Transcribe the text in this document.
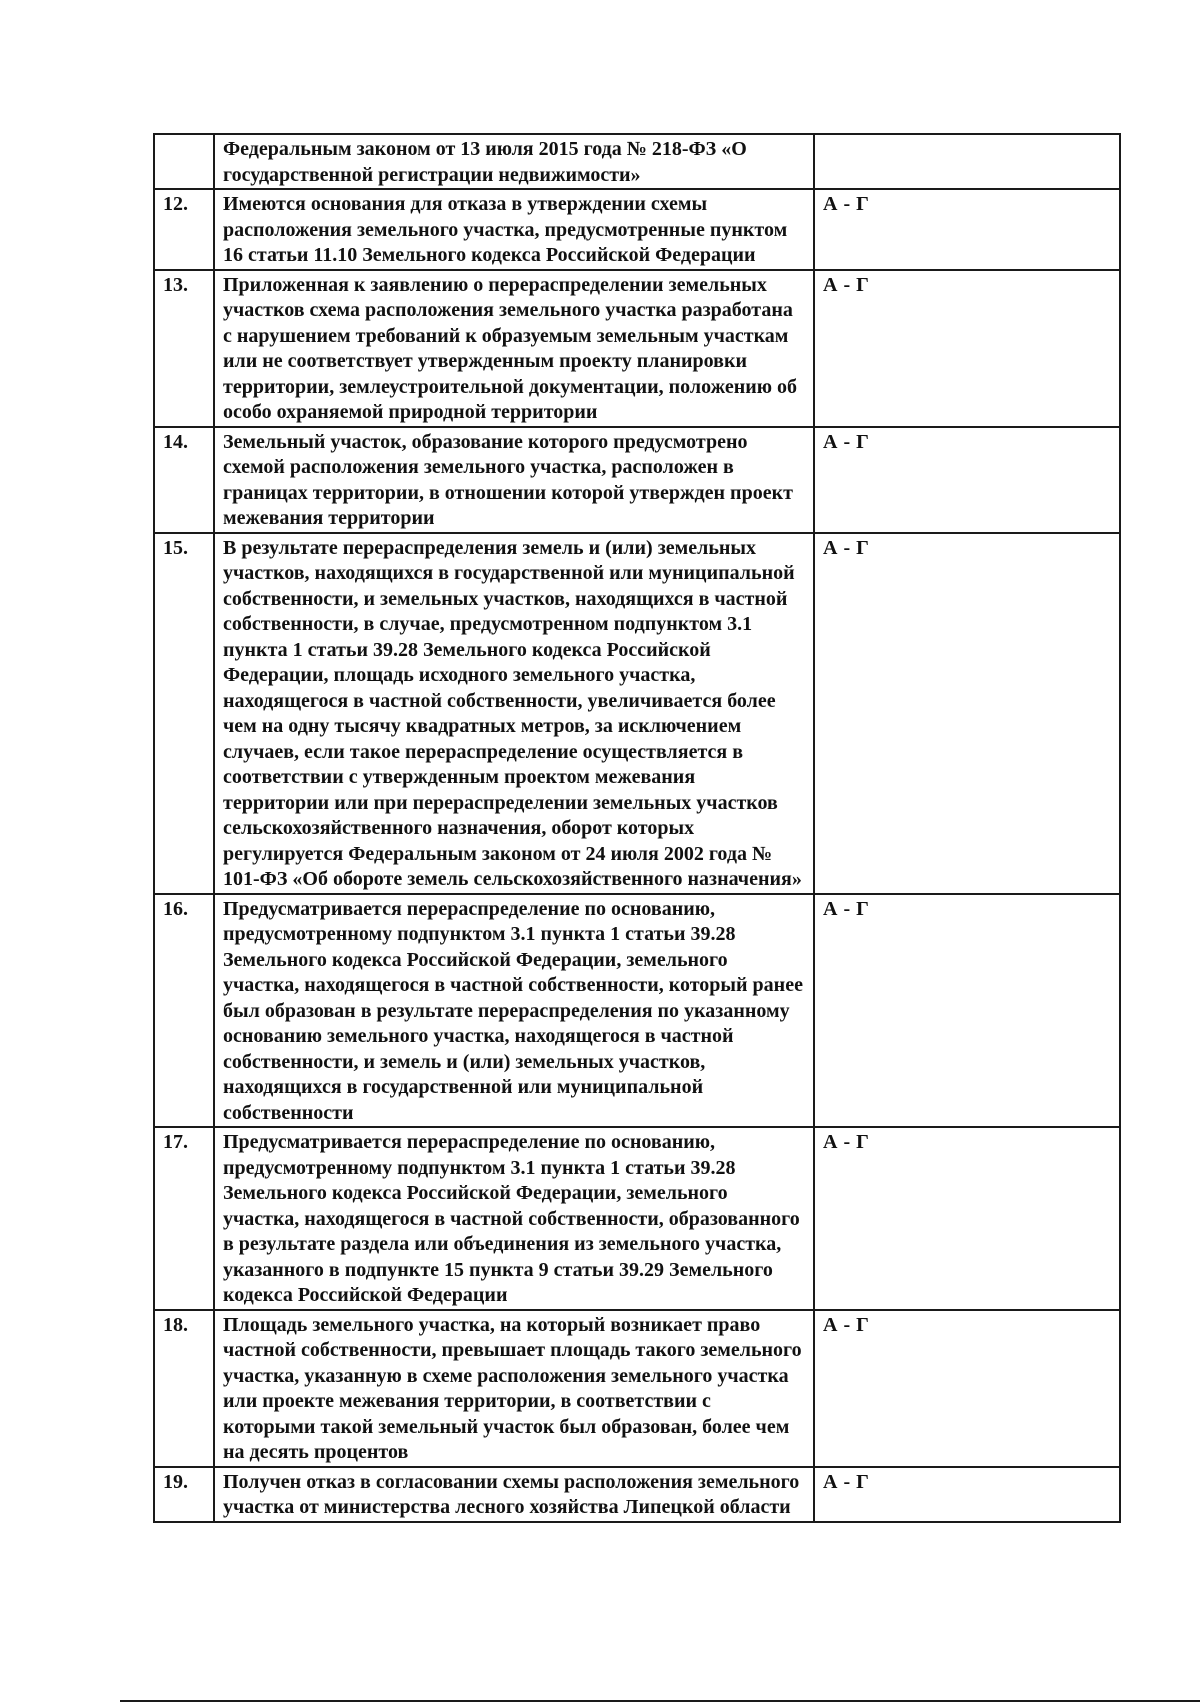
	Федеральным законом от 13 июля 2015 года № 218-ФЗ «О государственной регистрации недвижимости»	
12.	Имеются основания для отказа в утверждении схемы расположения земельного участка, предусмотренные пунктом 16 статьи 11.10 Земельного кодекса Российской Федерации	А - Г
13.	Приложенная к заявлению о перераспределении земельных участков схема расположения земельного участка разработана с нарушением требований к образуемым земельным участкам или не соответствует утвержденным проекту планировки территории, землеустроительной документации, положению об особо охраняемой природной территории	А - Г
14.	Земельный участок, образование которого предусмотрено схемой расположения земельного участка, расположен в границах территории, в отношении которой утвержден проект межевания территории	А - Г
15.	В результате перераспределения земель и (или) земельных участков, находящихся в государственной или муниципальной собственности, и земельных участков, находящихся в частной собственности, в случае, предусмотренном подпунктом 3.1 пункта 1 статьи 39.28 Земельного кодекса Российской Федерации, площадь исходного земельного участка, находящегося в частной собственности, увеличивается более чем на одну тысячу квадратных метров, за исключением случаев, если такое перераспределение осуществляется в соответствии с утвержденным проектом межевания территории или при перераспределении земельных участков сельскохозяйственного назначения, оборот которых регулируется Федеральным законом от 24 июля 2002 года № 101-ФЗ «Об обороте земель сельскохозяйственного назначения»	А - Г
16.	Предусматривается перераспределение по основанию, предусмотренному подпунктом 3.1 пункта 1 статьи 39.28 Земельного кодекса Российской Федерации, земельного участка, находящегося в частной собственности, который ранее был образован в результате перераспределения по указанному основанию земельного участка, находящегося в частной собственности, и земель и (или) земельных участков, находящихся в государственной или муниципальной собственности	А - Г
17.	Предусматривается перераспределение по основанию, предусмотренному подпунктом 3.1 пункта 1 статьи 39.28 Земельного кодекса Российской Федерации, земельного участка, находящегося в частной собственности, образованного в результате раздела или объединения из земельного участка, указанного в подпункте 15 пункта 9 статьи 39.29 Земельного кодекса Российской Федерации	А - Г
18.	Площадь земельного участка, на который возникает право частной собственности, превышает площадь такого земельного участка, указанную в схеме расположения земельного участка или проекте межевания территории, в соответствии с которыми такой земельный участок был образован, более чем на десять процентов	А - Г
19.	Получен отказ в согласовании схемы расположения земельного участка от министерства лесного хозяйства Липецкой области	А - Г
